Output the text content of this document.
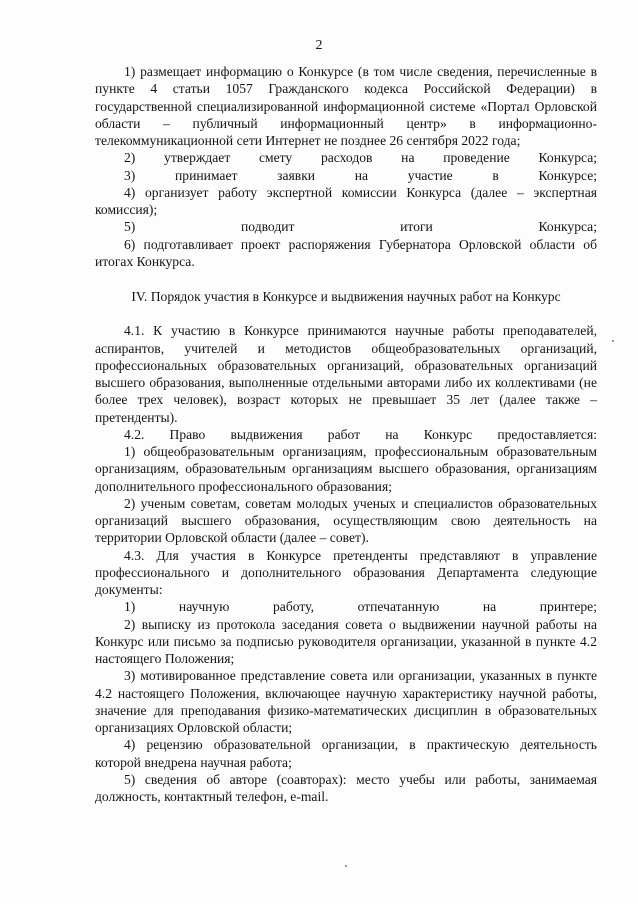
2

1) размещает информацию о Конкурсе (в том числе сведения, перечисленные в пункте 4 статьи 1057 Гражданского кодекса Российской Федерации) в государственной специализированной информационной системе «Портал Орловской области – публичный информационный центр» в информационно-телекоммуникационной сети Интернет не позднее 26 сентября 2022 года;

2) утверждает смету расходов на проведение Конкурса;

3) принимает заявки на участие в Конкурсе;

4) организует работу экспертной комиссии Конкурса (далее – экспертная комиссия);

5) подводит итоги Конкурса;

6) подготавливает проект распоряжения Губернатора Орловской области об итогах Конкурса.

IV. Порядок участия в Конкурсе и выдвижения научных работ на Конкурс

4.1. К участию в Конкурсе принимаются научные работы преподавателей, аспирантов, учителей и методистов общеобразовательных организаций, профессиональных образовательных организаций, образовательных организаций высшего образования, выполненные отдельными авторами либо их коллективами (не более трех человек), возраст которых не превышает 35 лет (далее также – претенденты).

4.2. Право выдвижения работ на Конкурс предоставляется:

1) общеобразовательным организациям, профессиональным образовательным организациям, образовательным организациям высшего образования, организациям дополнительного профессионального образования;

2) ученым советам, советам молодых ученых и специалистов образовательных организаций высшего образования, осуществляющим свою деятельность на территории Орловской области (далее – совет).

4.3. Для участия в Конкурсе претенденты представляют в управление профессионального и дополнительного образования Департамента следующие документы:

1) научную работу, отпечатанную на принтере;

2) выписку из протокола заседания совета о выдвижении научной работы на Конкурс или письмо за подписью руководителя организации, указанной в пункте 4.2 настоящего Положения;

3) мотивированное представление совета или организации, указанных в пункте 4.2 настоящего Положения, включающее научную характеристику научной работы, значение для преподавания физико-математических дисциплин в образовательных организациях Орловской области;

4) рецензию образовательной организации, в практическую деятельность которой внедрена научная работа;

5) сведения об авторе (соавторах): место учебы или работы, занимаемая должность, контактный телефон, e-mail.
